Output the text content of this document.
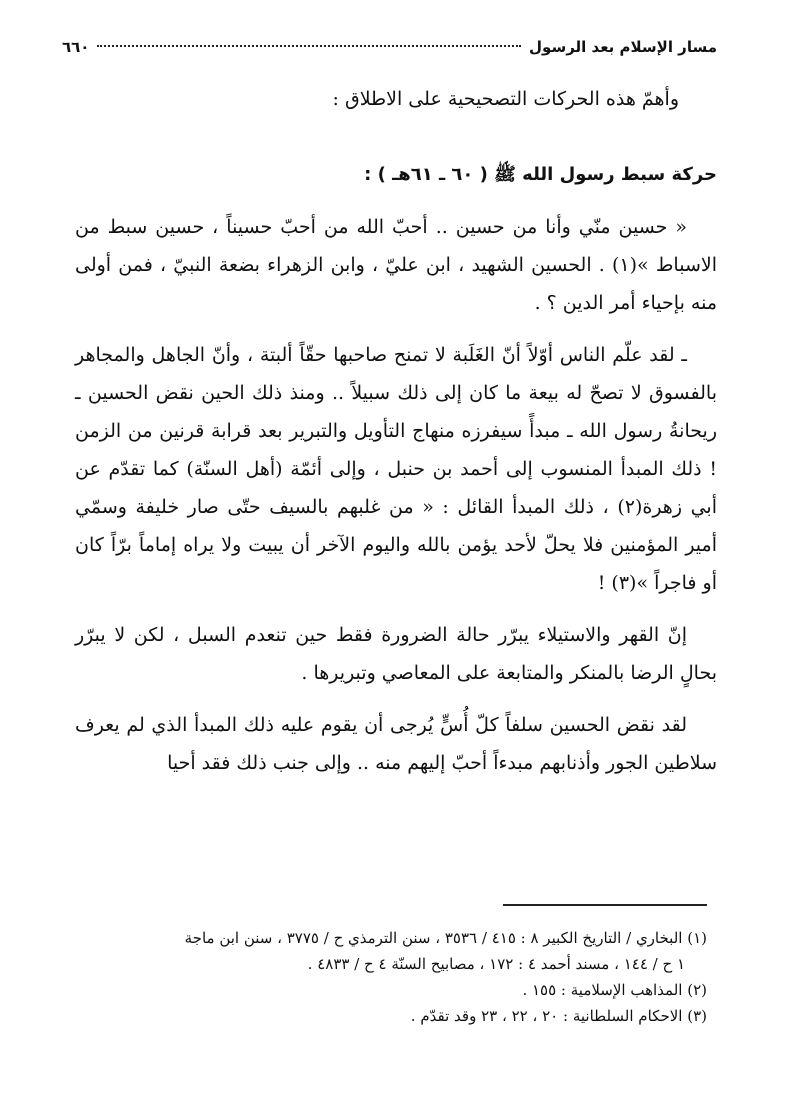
مسار الإسلام بعد الرسول
٦٦٠

وأهمّ هذه الحركات التصحيحية على الاطلاق :

حركة سبط رسول الله ﷺ ( ٦٠ ـ ٦١هـ ) :

« حسين منّي وأنا من حسين .. أحبّ الله من أحبّ حسيناً ، حسين سبط من الاسباط »(١) . الحسين الشهيد ، ابن عليّ ، وابن الزهراء بضعة النبيّ ، فمن أولى منه بإحياء أمر الدين ؟ .

ـ لقد علّم الناس أوّلاً أنّ الغَلَبة لا تمنح صاحبها حقّاً ألبتة ، وأنّ الجاهل والمجاهر بالفسوق لا تصحّ له بيعة ما كان إلى ذلك سبيلاً .. ومنذ ذلك الحين نقض الحسين ـ ريحانةُ رسول الله ـ مبدأً سيفرزه منهاج التأويل والتبرير بعد قرابة قرنين من الزمن ! ذلك المبدأ المنسوب إلى أحمد بن حنبل ، وإلى أئمّة (أهل السنّة) كما تقدّم عن أبي زهرة(٢) ، ذلك المبدأ القائل : « من غلبهم بالسيف حتّى صار خليفة وسمّي أمير المؤمنين فلا يحلّ لأحد يؤمن بالله واليوم الآخر أن يبيت ولا يراه إماماً برّاً كان أو فاجراً »(٣) !

إنّ القهر والاستيلاء يبرّر حالة الضرورة فقط حين تنعدم السبل ، لكن لا يبرّر بحالٍ الرضا بالمنكر والمتابعة على المعاصي وتبريرها .

لقد نقض الحسين سلفاً كلّ أُسٍّ يُرجى أن يقوم عليه ذلك المبدأ الذي لم يعرف سلاطين الجور وأذنابهم مبدءاً أحبّ إليهم منه .. وإلى جنب ذلك فقد أحيا

(١) البخاري / التاريخ الكبير ٨ : ٤١٥ / ٣٥٣٦ ، سنن الترمذي ح / ٣٧٧٥ ، سنن ابن ماجة

١ ح / ١٤٤ ، مسند أحمد ٤ : ١٧٢ ، مصابيح السنّة ٤ ح / ٤٨٣٣ .

(٢) المذاهب الإسلامية : ١٥٥ .

(٣) الاحكام السلطانية : ٢٠ ، ٢٢ ، ٢٣ وقد تقدّم .
